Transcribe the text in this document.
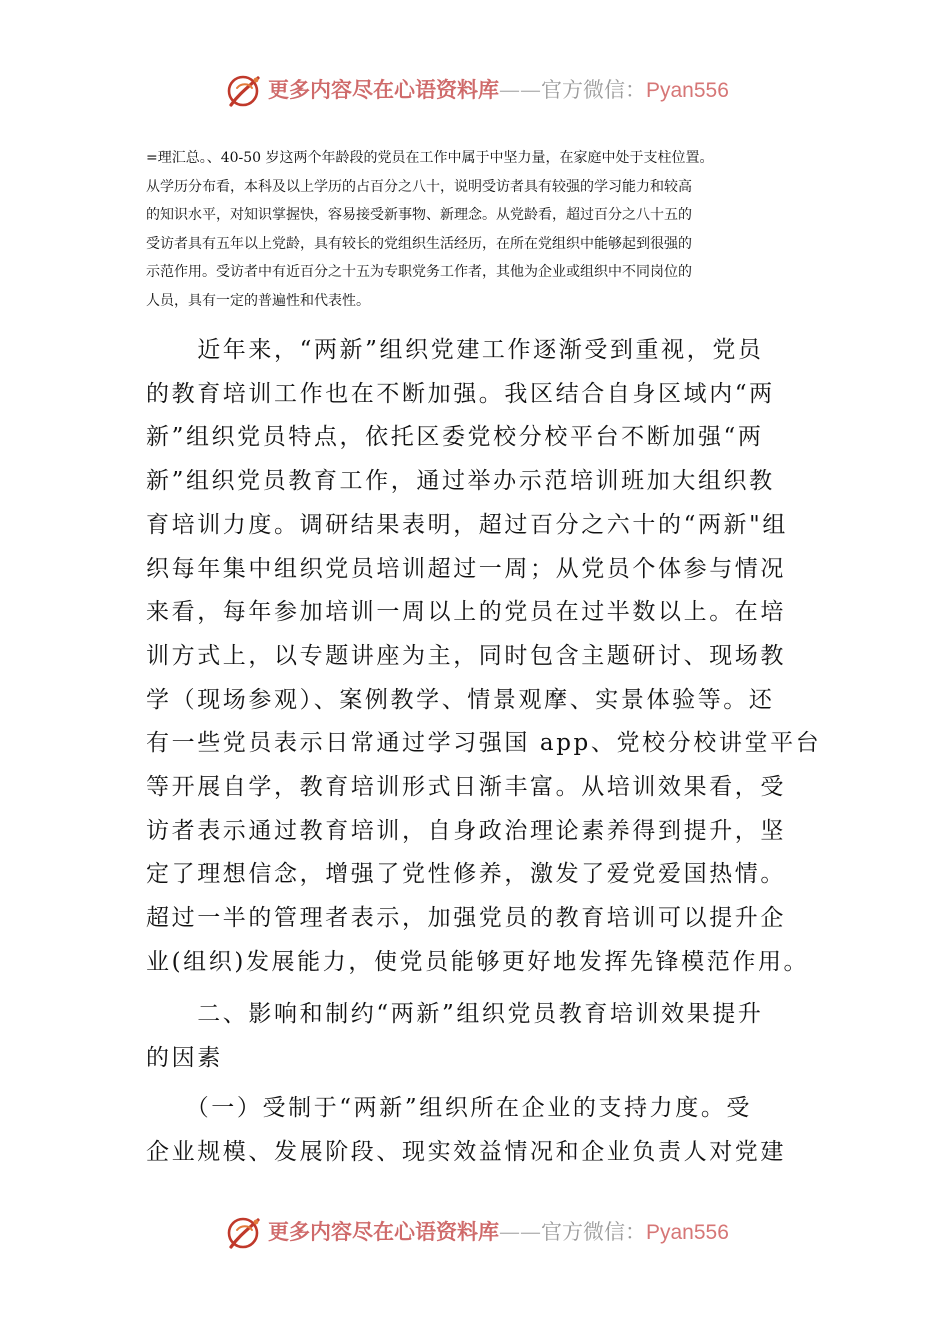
更多内容尽在心语资料库——官方微信：Pyan556
=理汇总。、40-50 岁这两个年龄段的党员在工作中属于中坚力量，在家庭中处于支柱位置。
从学历分布看，本科及以上学历的占百分之八十，说明受访者具有较强的学习能力和较高
的知识水平，对知识掌握快，容易接受新事物、新理念。从党龄看，超过百分之八十五的
受访者具有五年以上党龄，具有较长的党组织生活经历，在所在党组织中能够起到很强的
示范作用。受访者中有近百分之十五为专职党务工作者，其他为企业或组织中不同岗位的
人员，具有一定的普遍性和代表性。
　　近年来，“两新”组织党建工作逐渐受到重视，党员
的教育培训工作也在不断加强。我区结合自身区域内“两
新”组织党员特点，依托区委党校分校平台不断加强“两
新”组织党员教育工作，通过举办示范培训班加大组织教
育培训力度。调研结果表明，超过百分之六十的“两新"组
织每年集中组织党员培训超过一周；从党员个体参与情况
来看，每年参加培训一周以上的党员在过半数以上。在培
训方式上，以专题讲座为主，同时包含主题研讨、现场教
学（现场参观）、案例教学、情景观摩、实景体验等。还
有一些党员表示日常通过学习强国 app、党校分校讲堂平台
等开展自学，教育培训形式日渐丰富。从培训效果看，受
访者表示通过教育培训，自身政治理论素养得到提升，坚
定了理想信念，增强了党性修养，激发了爱党爱国热情。
超过一半的管理者表示，加强党员的教育培训可以提升企
业(组织)发展能力，使党员能够更好地发挥先锋模范作用。
　　二、影响和制约“两新”组织党员教育培训效果提升
的因素
　　（一）受制于“两新”组织所在企业的支持力度。受
企业规模、发展阶段、现实效益情况和企业负责人对党建
更多内容尽在心语资料库——官方微信：Pyan556
